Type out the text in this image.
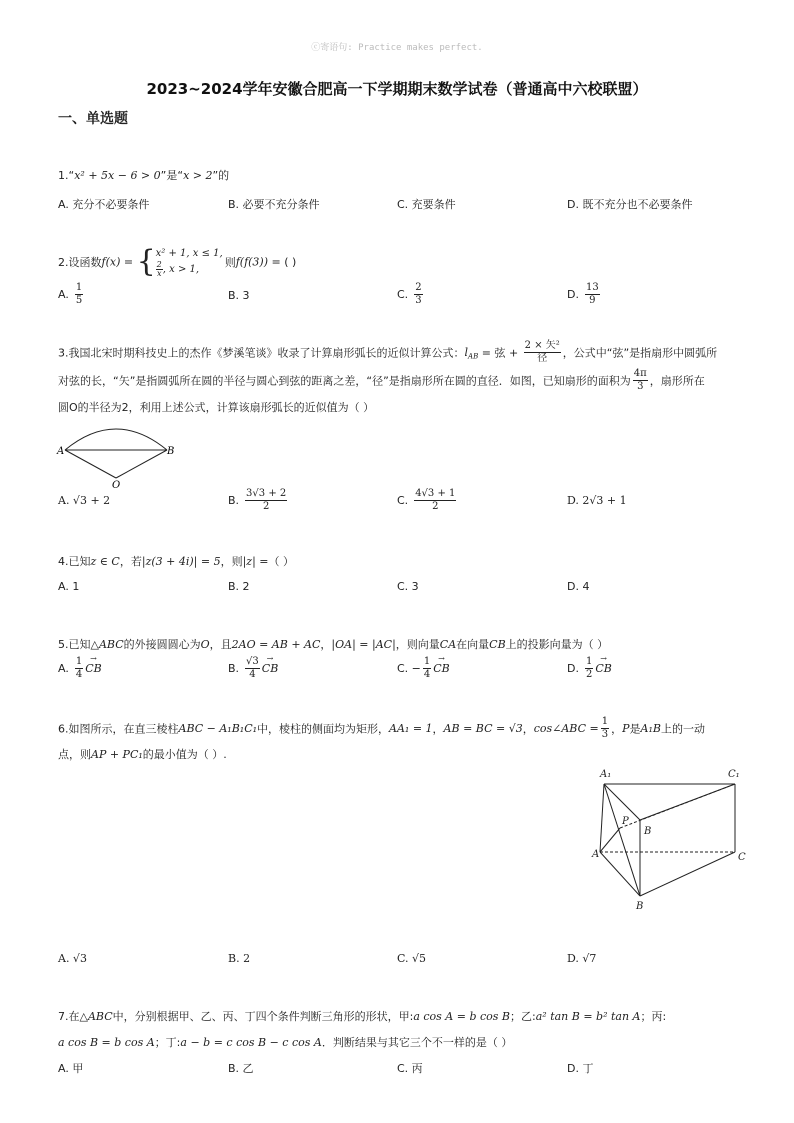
ⓒ寄语句: Practice makes perfect.
2023~2024学年安徽合肥高一下学期期末数学试卷（普通高中六校联盟）
一、单选题
1.“x² + 5x − 6 > 0”是“x > 2”的
A. 充分不必要条件	B. 必要不充分条件	C. 充要条件	D. 既不充分也不必要条件
2.设函数f(x) = {x² + 1, x ≤ 1,

$\frac{2}{x}$ , x > 1,则f(f(3)) = ( )
A. $\frac{1}{5}$	B. 3	C. $\frac{2}{3}$	D. $\frac{13}{9}$
3.我国北宋时期科技史上的杰作《梦溪笔谈》收录了计算扇形弧长的近似计算公式：$l_{AB}$ = 弦 + $\frac{\text{2 × 矢²}}{\text{径}}$ ，公式中“弦”是指扇形中圆弧所
对弦的长，“矢”是指圆弧所在圆的半径与圆心到弦的距离之差，“径”是指扇形所在圆的直径．如图，已知扇形的面积为 $\frac{4\pi}{3}$ ，扇形所在
圆O的半径为2，利用上述公式，计算该扇形弧长的近似值为（ ）
A	B
O
A. √3 + 2	B. $\frac{3√3 + 2}{2}$	C. $\frac{4√3 + 1}{2}$	D. 2√3 + 1
4.已知z ∈ C，若|z(3 + 4i)| = 5，则|z| =（ ）
A. 1	B. 2	C. 3	D. 4
5.已知△ABC的外接圆圆心为O，且2AO = AB + AC，|OA| = |AC|，则向量CA在向量CB上的投影向量为（ ）
A. $\frac{1}{4}$ → CB	B. $\frac{√3}{4}$ → CB	C. − $\frac{1}{4}$ → CB	D. $\frac{1}{2}$ → CB
6.如图所示，在直三棱柱ABC − A₁B₁C₁中，棱柱的侧面均为矩形，AA₁ = 1，AB = BC = √3，cos∠ABC = $\frac{1}{3}$ ，P是A₁B上的一动
点，则AP + PC₁的最小值为（ ）.
A₁	C₁
P
B
A	C
B
A. √3	B. 2	C. √5	D. √7
7.在△ABC中，分别根据甲、乙、丙、丁四个条件判断三角形的形状，甲:a cos A = b cos B；乙:a² tan B = b² tan A；丙:
a cos B = b cos A；丁:a − b = c cos B − c cos A．判断结果与其它三个不一样的是（ ）
A. 甲	B. 乙	C. 丙	D. 丁
